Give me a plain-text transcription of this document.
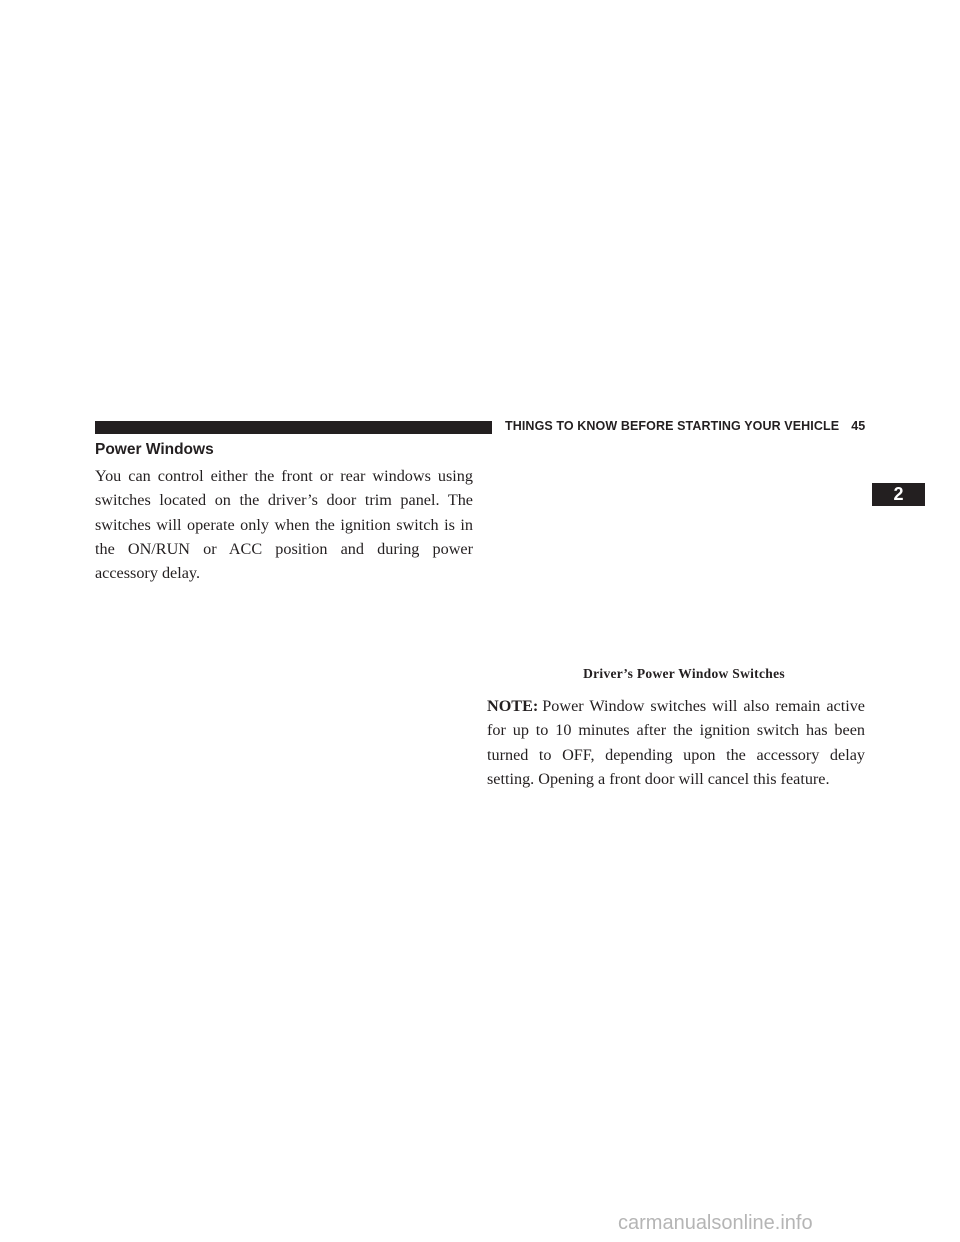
THINGS TO KNOW BEFORE STARTING YOUR VEHICLE 45
2
Power Windows

You can control either the front or rear windows using switches located on the driver’s door trim panel. The switches will operate only when the ignition switch is in the ON/RUN or ACC position and during power accessory delay.

Driver’s Power Window Switches

NOTE: Power Window switches will also remain active for up to 10 minutes after the ignition switch has been turned to OFF, depending upon the accessory delay setting. Opening a front door will cancel this feature.

carmanualsonline.info
